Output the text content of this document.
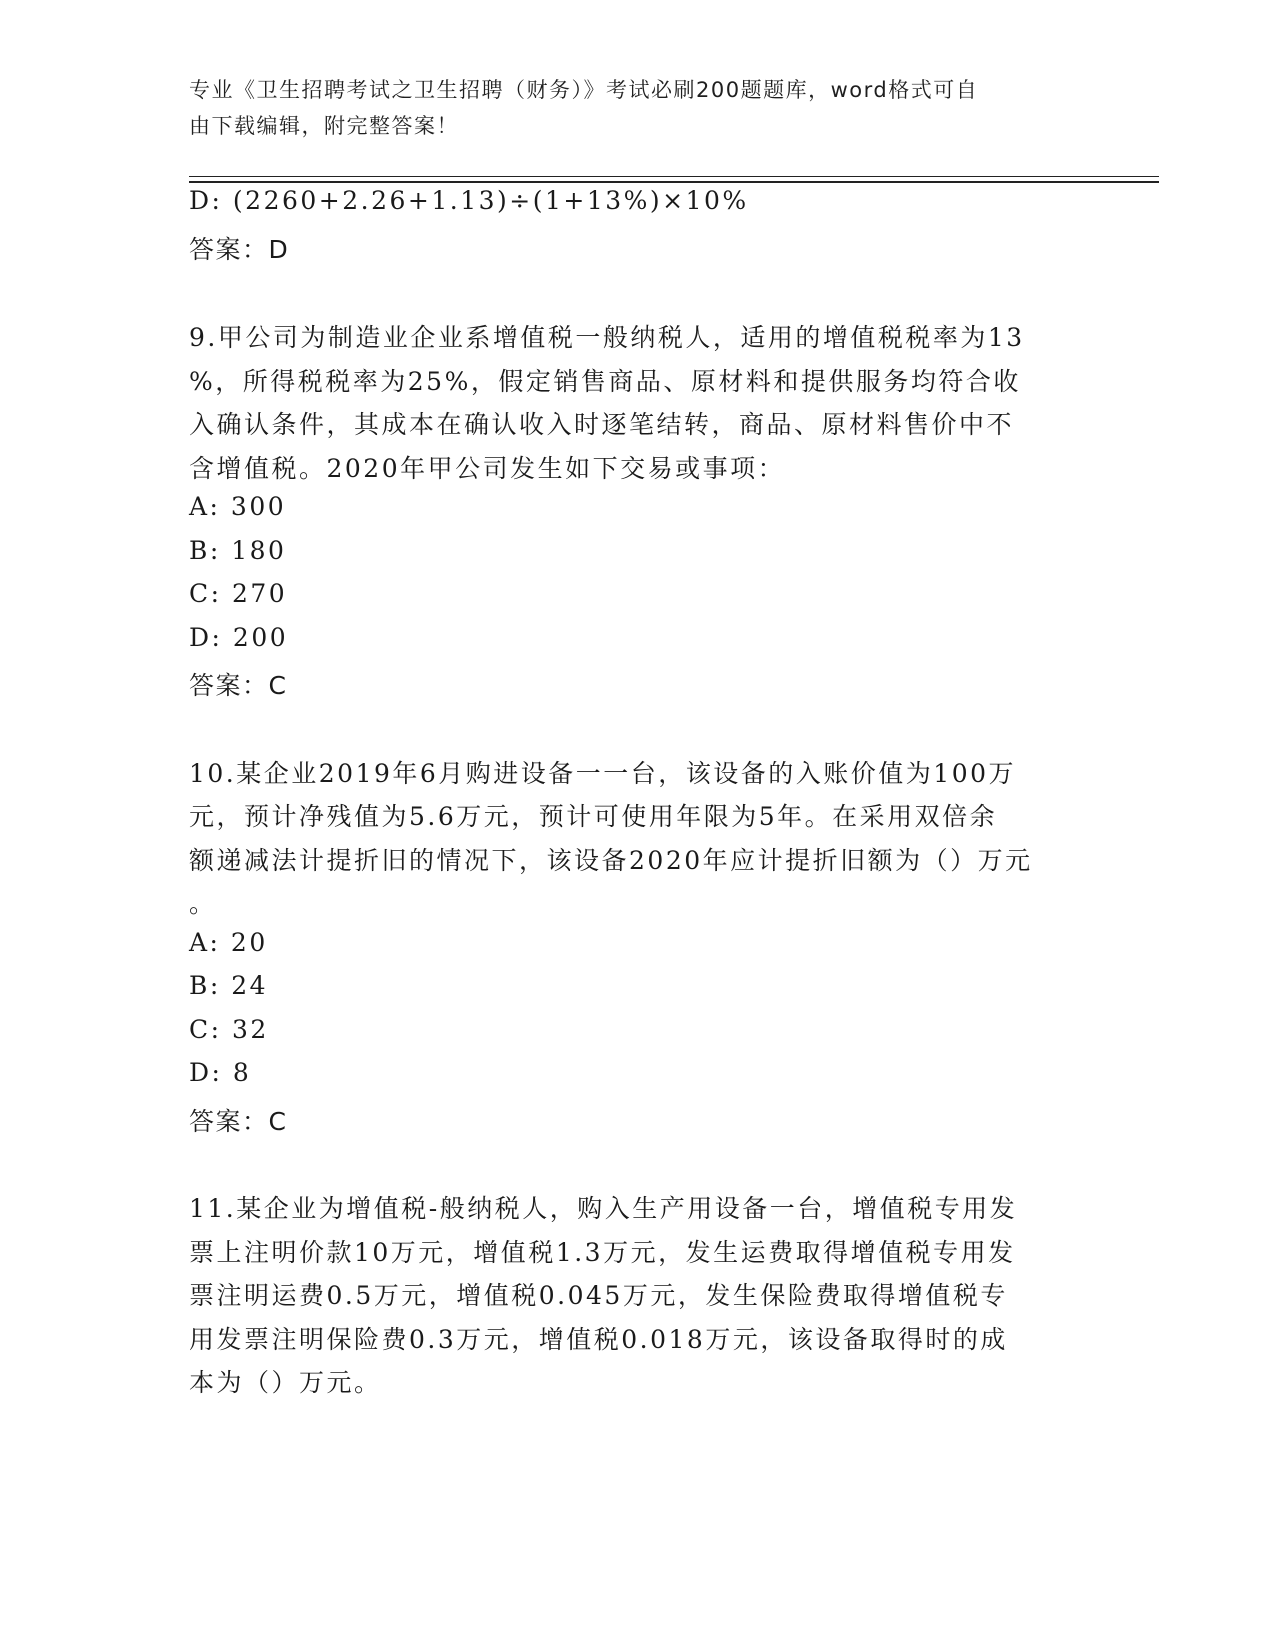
专业《卫生招聘考试之卫生招聘（财务）》考试必刷200题题库，word格式可自
由下载编辑，附完整答案！
D: (2260+2.26+1.13)÷(1+13%)×10%
答案：D
9.甲公司为制造业企业系增值税一般纳税人，适用的增值税税率为13
%，所得税税率为25%，假定销售商品、原材料和提供服务均符合收
入确认条件，其成本在确认收入时逐笔结转，商品、原材料售价中不
含增值税。2020年甲公司发生如下交易或事项：
A: 300
B: 180
C: 270
D: 200
答案：C
10.某企业2019年6月购进设备一一台，该设备的入账价值为100万
元，预计净残值为5.6万元，预计可使用年限为5年。在采用双倍余
额递减法计提折旧的情况下，该设备2020年应计提折旧额为（）万元
。
A: 20
B: 24
C: 32
D: 8
答案：C
11.某企业为增值税-般纳税人，购入生产用设备一台，增值税专用发
票上注明价款10万元，增值税1.3万元，发生运费取得增值税专用发
票注明运费0.5万元，增值税0.045万元，发生保险费取得增值税专
用发票注明保险费0.3万元，增值税0.018万元，该设备取得时的成
本为（）万元。
